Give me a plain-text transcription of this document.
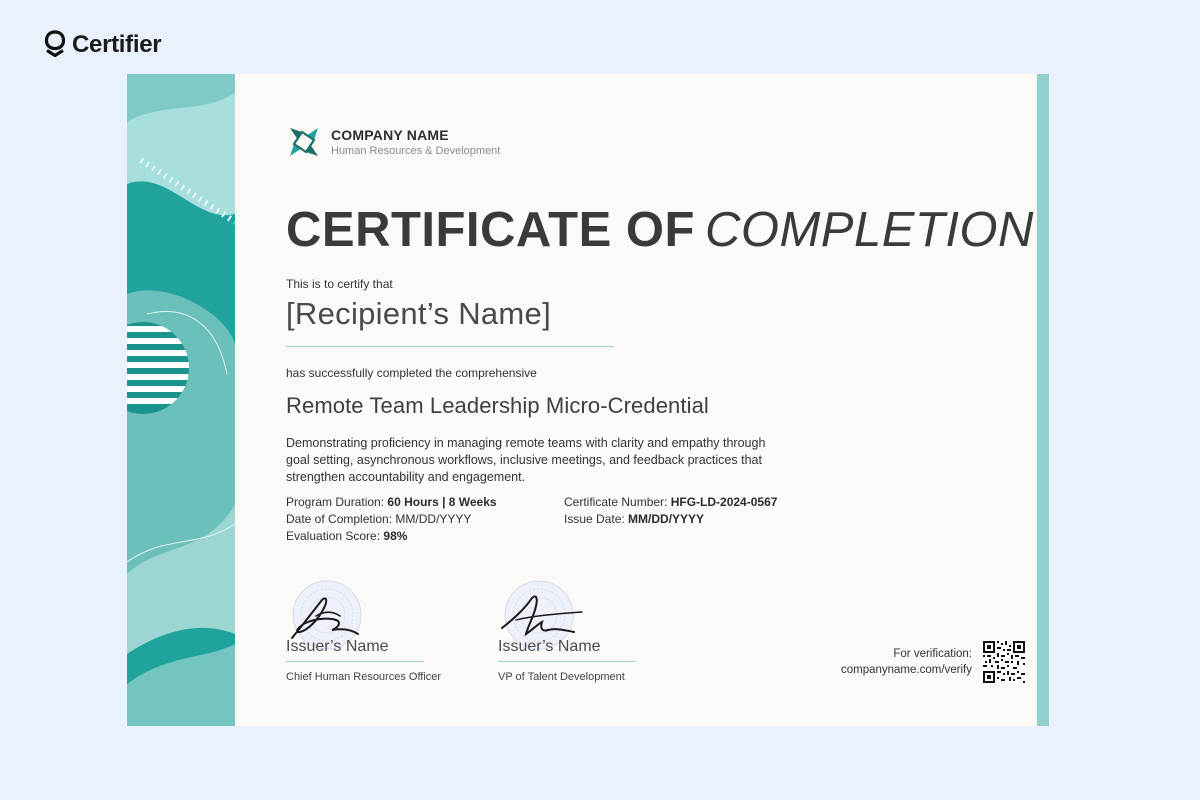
Certifier
COMPANY NAME
Human Resources & Development
CERTIFICATE OF COMPLETION
This is to certify that
[Recipient’s Name]
has successfully completed the comprehensive
Remote Team Leadership Micro-Credential
Demonstrating proficiency in managing remote teams with clarity and empathy through goal setting, asynchronous workflows, inclusive meetings, and feedback practices that strengthen accountability and engagement.
Program Duration: 60 Hours | 8 Weeks
Date of Completion: MM/DD/YYYY
Evaluation Score: 98%
Certificate Number: HFG-LD-2024-0567
Issue Date: MM/DD/YYYY
Issuer’s Name
Chief Human Resources Officer
Issuer’s Name
VP of Talent Development
For verification:
companyname.com/verify
